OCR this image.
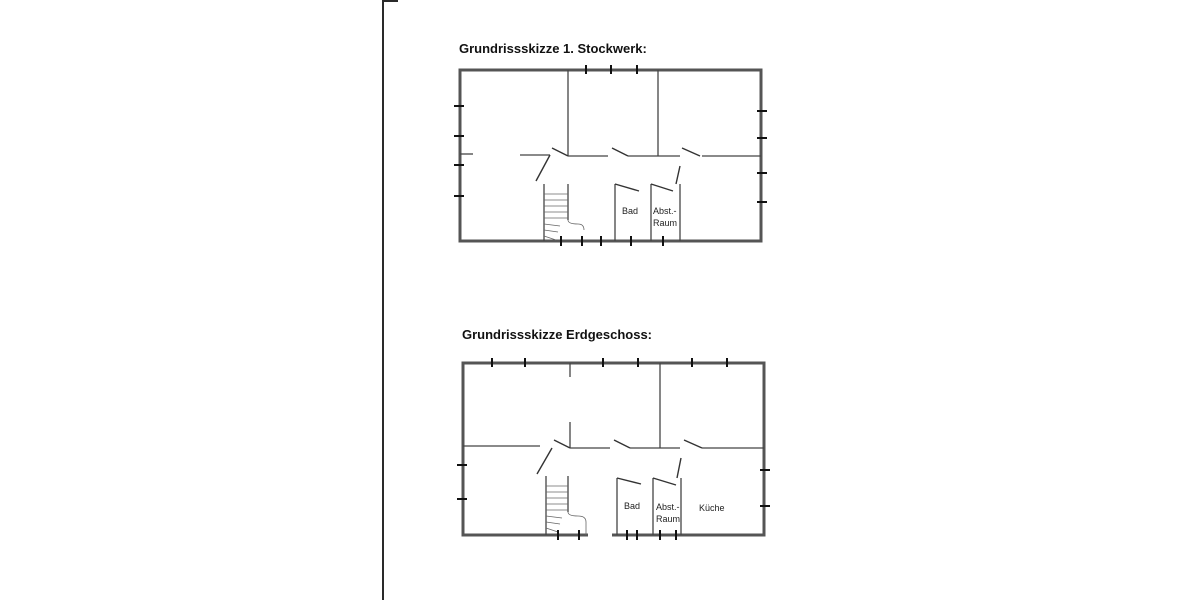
Grundrissskizze 1. Stockwerk:
Bad Abst.-
Raum
Grundrissskizze Erdgeschoss:
Bad Abst.-
Raum
Küche
